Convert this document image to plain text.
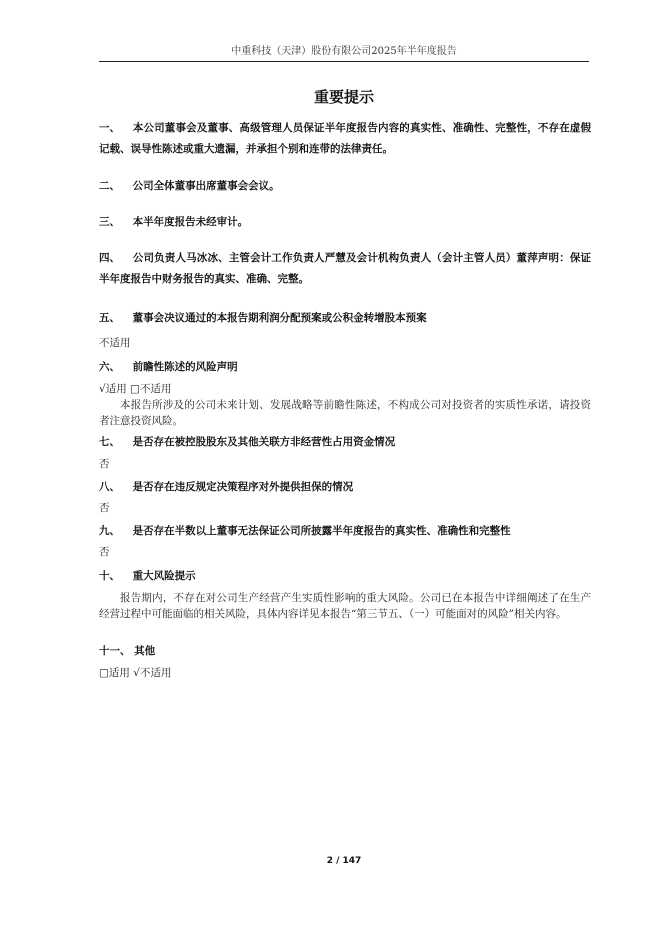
中重科技（天津）股份有限公司2025年半年度报告
重要提示
一、 本公司董事会及董事、高级管理人员保证半年度报告内容的真实性、准确性、完整性，不存在虚假记载、误导性陈述或重大遗漏，并承担个别和连带的法律责任。
二、 公司全体董事出席董事会会议。
三、 本半年度报告未经审计。
四、 公司负责人马冰冰、主管会计工作负责人严慧及会计机构负责人（会计主管人员）董萍声明：保证半年度报告中财务报告的真实、准确、完整。
五、 董事会决议通过的本报告期利润分配预案或公积金转增股本预案
不适用
六、 前瞻性陈述的风险声明
√适用 □不适用
本报告所涉及的公司未来计划、发展战略等前瞻性陈述，不构成公司对投资者的实质性承诺，请投资者注意投资风险。
七、 是否存在被控股股东及其他关联方非经营性占用资金情况
否
八、 是否存在违反规定决策程序对外提供担保的情况
否
九、 是否存在半数以上董事无法保证公司所披露半年度报告的真实性、准确性和完整性
否
十、 重大风险提示
报告期内，不存在对公司生产经营产生实质性影响的重大风险。公司已在本报告中详细阐述了在生产经营过程中可能面临的相关风险，具体内容详见本报告“第三节五、（一）可能面对的风险”相关内容。
十一、 其他
□适用 √不适用
2 / 147
